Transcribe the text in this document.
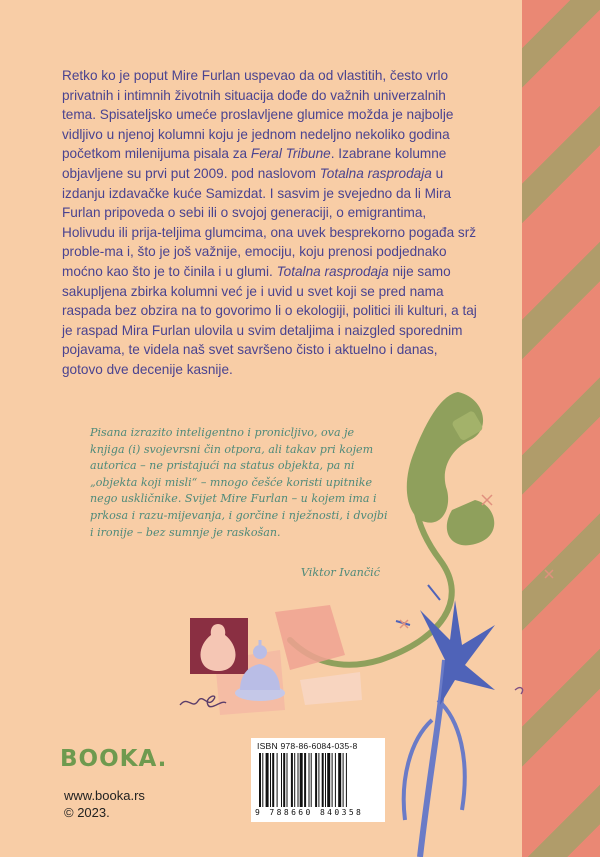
Retko ko je poput Mire Furlan uspevao da od vlastitih, često vrlo privatnih i intimnih životnih situacija dođe do važnih univerzalnih tema. Spisateljsko umeće proslavljene glumice možda je najbolje vidljivo u njenoj kolumni koju je jednom nedeljno nekoliko godina početkom milenijuma pisala za Feral Tribune. Izabrane kolumne objavljene su prvi put 2009. pod naslovom Totalna rasprodaja u izdanju izdavačke kuće Samizdat. I sasvim je svejedno da li Mira Furlan pripoveda o sebi ili o svojoj generaciji, o emigrantima, Holivudu ili prija-teljima glumcima, ona uvek besprekorno pogađa srž proble-ma i, što je još važnije, emociju, koju prenosi podjednako moćno kao što je to činila i u glumi. Totalna rasprodaja nije samo sakupljena zbirka kolumni već je i uvid u svet koji se pred nama raspada bez obzira na to govorimo li o ekologiji, politici ili kulturi, a taj je raspad Mira Furlan ulovila u svim detaljima i naizgled sporednim pojavama, te videla naš svet savršeno čisto i aktuelno i danas, gotovo dve decenije kasnije.

Pisana izrazito inteligentno i pronicljivo, ova je knjiga (i) svojevrsni čin otpora, ali takav pri kojem autorica – ne pristajući na status objekta, pa ni „objekta koji misli“ – mnogo češće koristi upitnike nego uskličnike. Svijet Mire Furlan – u kojem ima i prkosa i razu-mijevanja, i gorčine i nježnosti, i dvojbi i ironije – bez sumnje je raskošan.

Viktor Ivančić
BOOKA.
www.booka.rs
© 2023.
ISBN 978-86-6084-035-8
9 788660 840358
